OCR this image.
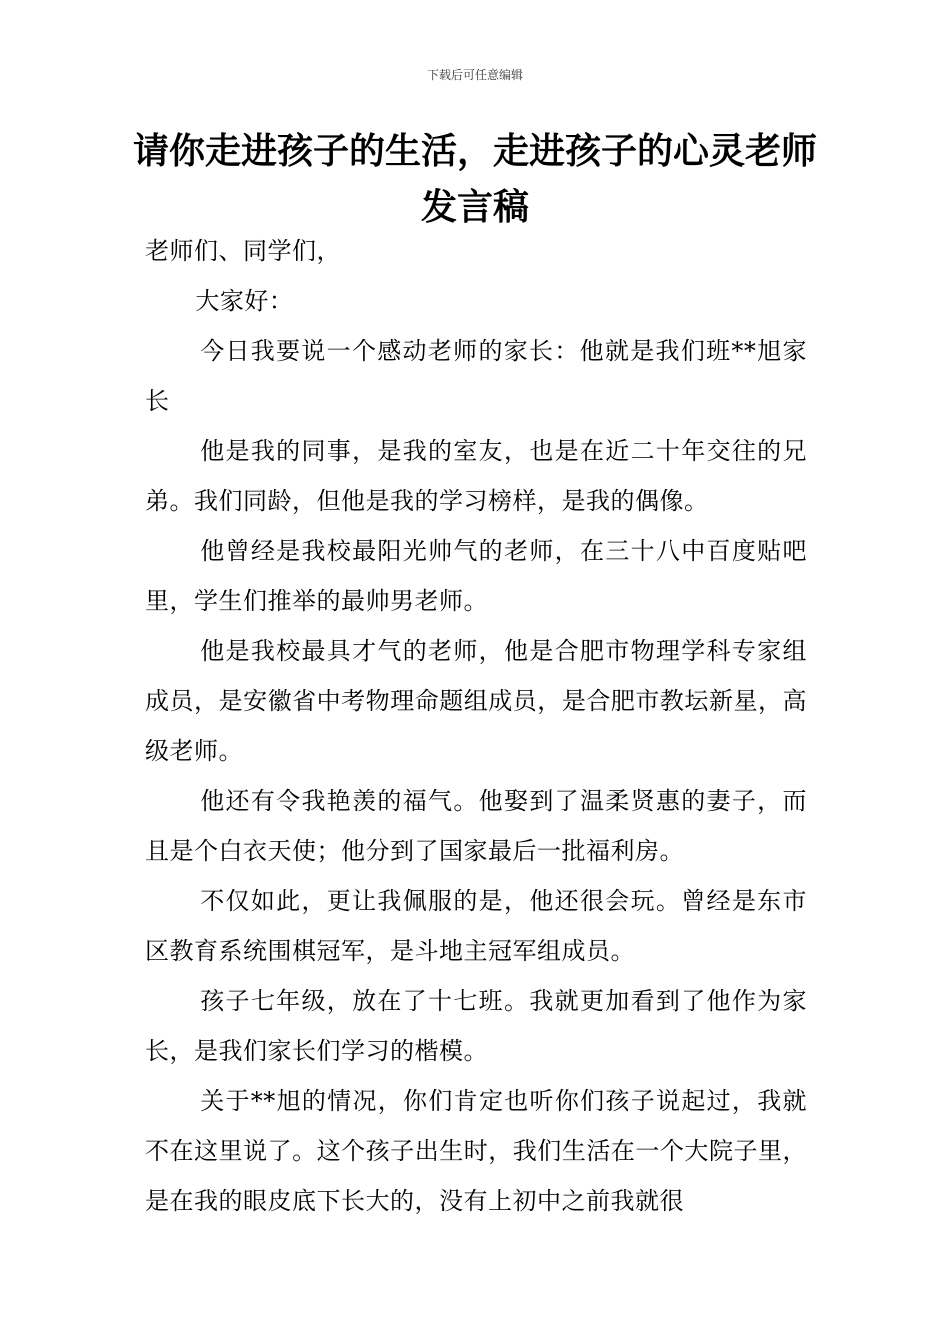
下载后可任意编辑
请你走进孩子的生活，走进孩子的心灵老师发言稿

老师们、同学们，

大家好：

今日我要说一个感动老师的家长：他就是我们班**旭家长

他是我的同事，是我的室友，也是在近二十年交往的兄弟。我们同龄，但他是我的学习榜样，是我的偶像。

他曾经是我校最阳光帅气的老师，在三十八中百度贴吧里，学生们推举的最帅男老师。

他是我校最具才气的老师，他是合肥市物理学科专家组成员，是安徽省中考物理命题组成员，是合肥市教坛新星，高级老师。

他还有令我艳羡的福气。他娶到了温柔贤惠的妻子，而且是个白衣天使；他分到了国家最后一批福利房。

不仅如此，更让我佩服的是，他还很会玩。曾经是东市区教育系统围棋冠军，是斗地主冠军组成员。

孩子七年级，放在了十七班。我就更加看到了他作为家长，是我们家长们学习的楷模。

关于**旭的情况，你们肯定也听你们孩子说起过，我就不在这里说了。这个孩子出生时，我们生活在一个大院子里，是在我的眼皮底下长大的，没有上初中之前我就很
